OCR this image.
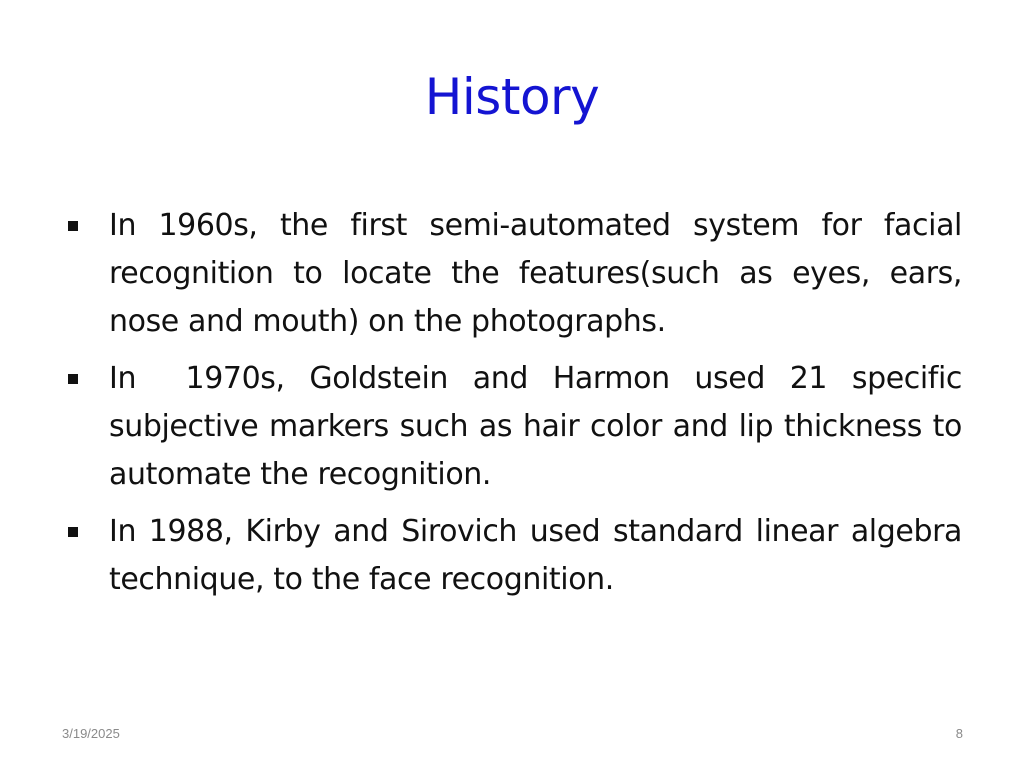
History
In 1960s, the first semi-automated system for facial recognition to locate the features(such as eyes, ears, nose and mouth) on the photographs.
In  1970s, Goldstein and Harmon used 21 specific subjective markers such as hair color and lip thickness to automate the recognition.
In 1988, Kirby and Sirovich used standard linear algebra technique, to the face recognition.
3/19/2025	8
